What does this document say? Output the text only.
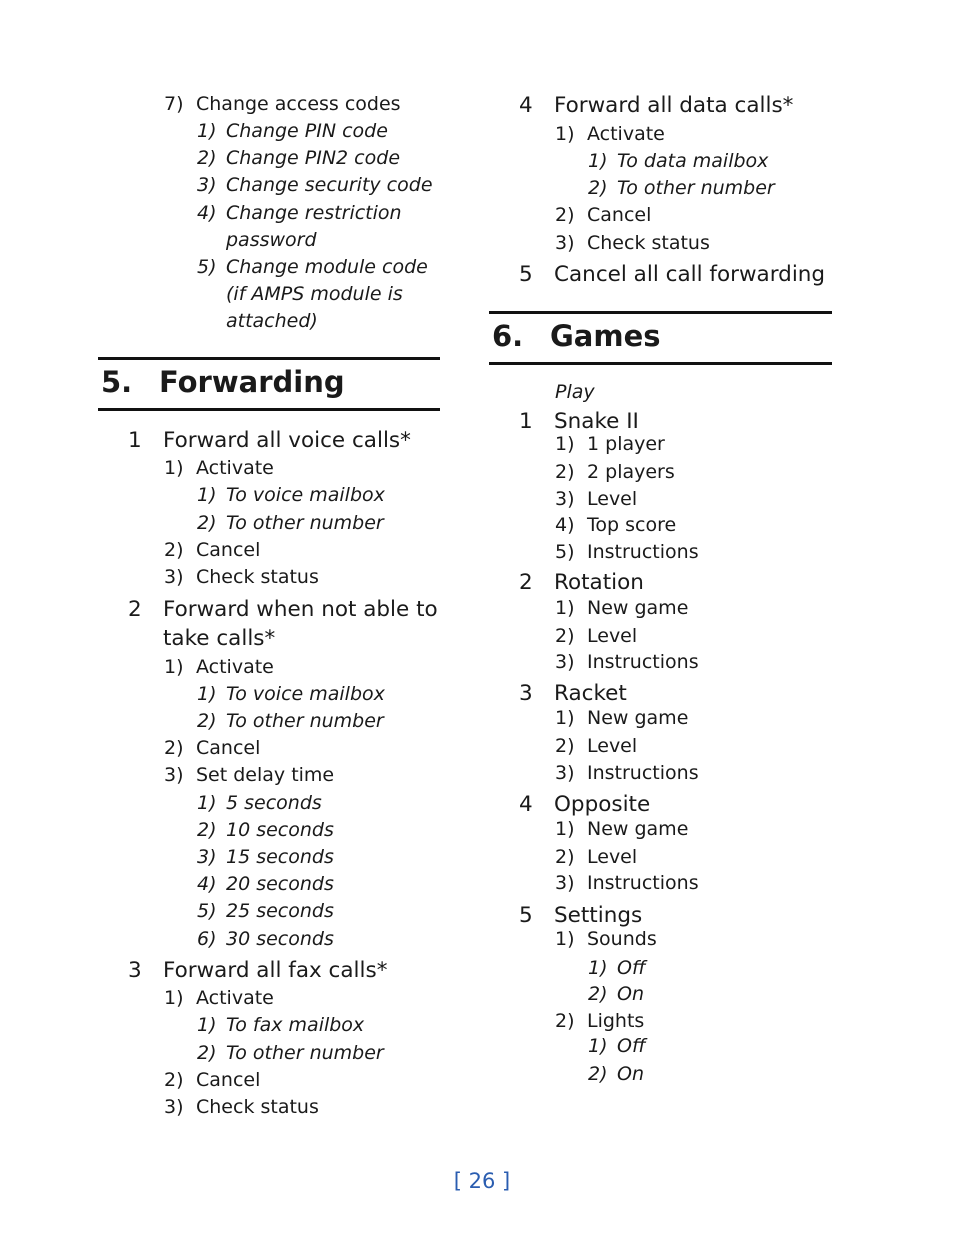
7) Change access codes
1) Change PIN code
2) Change PIN2 code
3) Change security code
4) Change restriction
password
5) Change module code
(if AMPS module is
attached)
5. Forwarding
1 Forward all voice calls*
1) Activate
1) To voice mailbox
2) To other number
2) Cancel
3) Check status
2 Forward when not able to
take calls*
1) Activate
1) To voice mailbox
2) To other number
2) Cancel
3) Set delay time
1) 5 seconds
2) 10 seconds
3) 15 seconds
4) 20 seconds
5) 25 seconds
6) 30 seconds
3 Forward all fax calls*
1) Activate
1) To fax mailbox
2) To other number
2) Cancel
3) Check status
4 Forward all data calls*
1) Activate
1) To data mailbox
2) To other number
2) Cancel
3) Check status
5 Cancel all call forwarding
6. Games
Play
1 Snake II
1) 1 player
2) 2 players
3) Level
4) Top score
5) Instructions
2 Rotation
1) New game
2) Level
3) Instructions
3 Racket
1) New game
2) Level
3) Instructions
4 Opposite
1) New game
2) Level
3) Instructions
5 Settings
1) Sounds
1) Off
2) On
2) Lights
1) Off
2) On
[ 26 ]
